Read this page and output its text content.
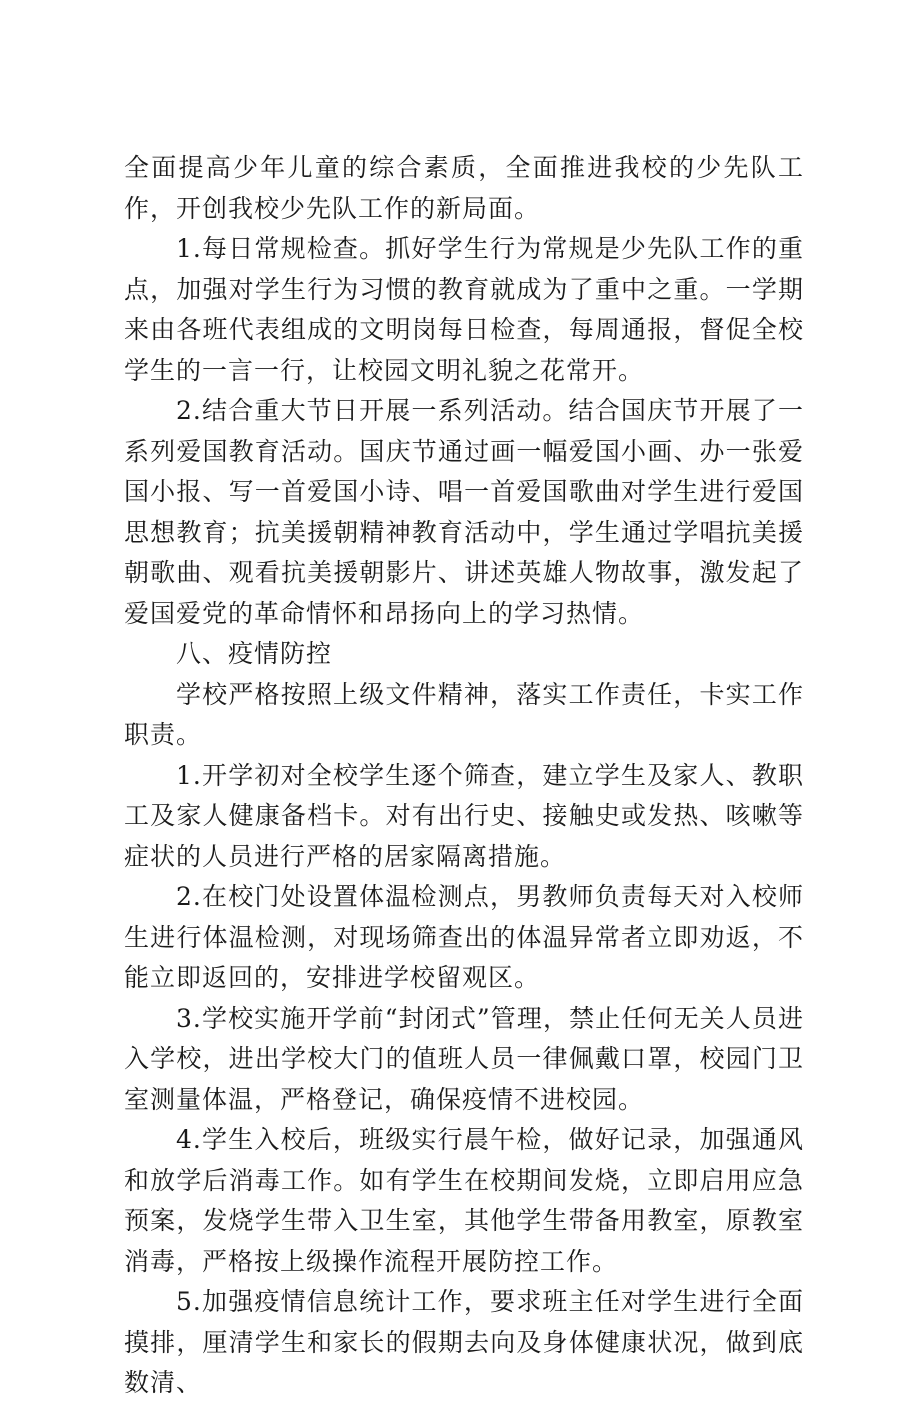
全面提高少年儿童的综合素质，全面推进我校的少先队工作，开创我校少先队工作的新局面。

1.每日常规检查。抓好学生行为常规是少先队工作的重点，加强对学生行为习惯的教育就成为了重中之重。一学期来由各班代表组成的文明岗每日检查，每周通报，督促全校学生的一言一行，让校园文明礼貌之花常开。

2.结合重大节日开展一系列活动。结合国庆节开展了一系列爱国教育活动。国庆节通过画一幅爱国小画、办一张爱国小报、写一首爱国小诗、唱一首爱国歌曲对学生进行爱国思想教育；抗美援朝精神教育活动中，学生通过学唱抗美援朝歌曲、观看抗美援朝影片、讲述英雄人物故事，激发起了爱国爱党的革命情怀和昂扬向上的学习热情。

八、疫情防控

学校严格按照上级文件精神，落实工作责任，卡实工作职责。

1.开学初对全校学生逐个筛查，建立学生及家人、教职工及家人健康备档卡。对有出行史、接触史或发热、咳嗽等症状的人员进行严格的居家隔离措施。

2.在校门处设置体温检测点，男教师负责每天对入校师生进行体温检测，对现场筛查出的体温异常者立即劝返，不能立即返回的，安排进学校留观区。

3.学校实施开学前“封闭式”管理，禁止任何无关人员进入学校，进出学校大门的值班人员一律佩戴口罩，校园门卫室测量体温，严格登记，确保疫情不进校园。

4.学生入校后，班级实行晨午检，做好记录，加强通风和放学后消毒工作。如有学生在校期间发烧，立即启用应急预案，发烧学生带入卫生室，其他学生带备用教室，原教室消毒，严格按上级操作流程开展防控工作。

5.加强疫情信息统计工作，要求班主任对学生进行全面摸排，厘清学生和家长的假期去向及身体健康状况，做到底数清、
